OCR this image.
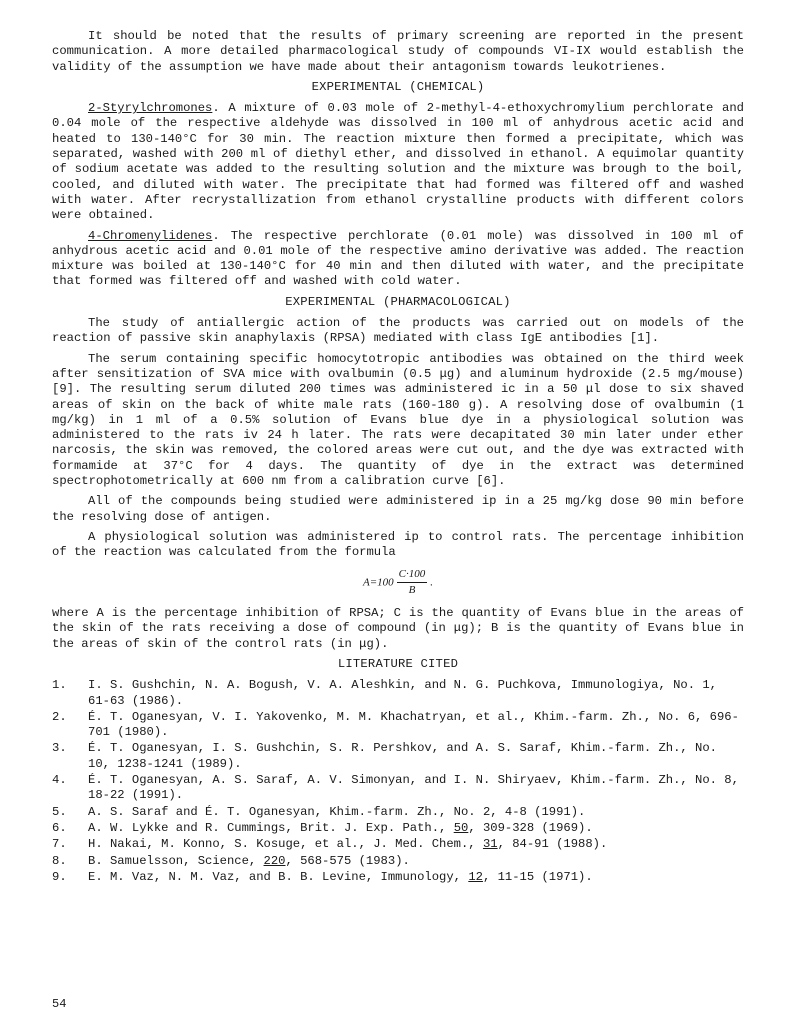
It should be noted that the results of primary screening are reported in the present communication. A more detailed pharmacological study of compounds VI-IX would establish the validity of the assumption we have made about their antagonism towards leukotrienes.

EXPERIMENTAL (CHEMICAL)

2-Styrylchromones. A mixture of 0.03 mole of 2-methyl-4-ethoxychromylium perchlorate and 0.04 mole of the respective aldehyde was dissolved in 100 ml of anhydrous acetic acid and heated to 130-140°C for 30 min. The reaction mixture then formed a precipitate, which was separated, washed with 200 ml of diethyl ether, and dissolved in ethanol. A equimolar quantity of sodium acetate was added to the resulting solution and the mixture was brough to the boil, cooled, and diluted with water. The precipitate that had formed was filtered off and washed with water. After recrystallization from ethanol crystalline products with different colors were obtained.

4-Chromenylidenes. The respective perchlorate (0.01 mole) was dissolved in 100 ml of anhydrous acetic acid and 0.01 mole of the respective amino derivative was added. The reaction mixture was boiled at 130-140°C for 40 min and then diluted with water, and the precipitate that formed was filtered off and washed with cold water.

EXPERIMENTAL (PHARMACOLOGICAL)

The study of antiallergic action of the products was carried out on models of the reaction of passive skin anaphylaxis (RPSA) mediated with class IgE antibodies [1].

The serum containing specific homocytotropic antibodies was obtained on the third week after sensitization of SVA mice with ovalbumin (0.5 μg) and aluminum hydroxide (2.5 mg/mouse) [9]. The resulting serum diluted 200 times was administered ic in a 50 μl dose to six shaved areas of skin on the back of white male rats (160-180 g). A resolving dose of ovalbumin (1 mg/kg) in 1 ml of a 0.5% solution of Evans blue dye in a physiological solution was administered to the rats iv 24 h later. The rats were decapitated 30 min later under ether narcosis, the skin was removed, the colored areas were cut out, and the dye was extracted with formamide at 37°C for 4 days. The quantity of dye in the extract was determined spectrophotometrically at 600 nm from a calibration curve [6].

All of the compounds being studied were administered ip in a 25 mg/kg dose 90 min before the resolving dose of antigen.

A physiological solution was administered ip to control rats. The percentage inhibition of the reaction was calculated from the formula

$A=100 \frac{C\cdot 100}{B}$ .

where A is the percentage inhibition of RPSA; C is the quantity of Evans blue in the areas of the skin of the rats receiving a dose of compound (in μg); B is the quantity of Evans blue in the areas of skin of the control rats (in μg).

LITERATURE CITED
1.	I. S. Gushchin, N. A. Bogush, V. A. Aleshkin, and N. G. Puchkova, Immunologiya, No. 1, 61-63 (1986).
2.	É. T. Oganesyan, V. I. Yakovenko, M. M. Khachatryan, et al., Khim.-farm. Zh., No. 6, 696-701 (1980).
3.	É. T. Oganesyan, I. S. Gushchin, S. R. Pershkov, and A. S. Saraf, Khim.-farm. Zh., No. 10, 1238-1241 (1989).
4.	É. T. Oganesyan, A. S. Saraf, A. V. Simonyan, and I. N. Shiryaev, Khim.-farm. Zh., No. 8, 18-22 (1991).
5.	A. S. Saraf and É. T. Oganesyan, Khim.-farm. Zh., No. 2, 4-8 (1991).
6.	A. W. Lykke and R. Cummings, Brit. J. Exp. Path., 50, 309-328 (1969).
7.	H. Nakai, M. Konno, S. Kosuge, et al., J. Med. Chem., 31, 84-91 (1988).
8.	B. Samuelsson, Science, 220, 568-575 (1983).
9.	E. M. Vaz, N. M. Vaz, and B. B. Levine, Immunology, 12, 11-15 (1971).
54
